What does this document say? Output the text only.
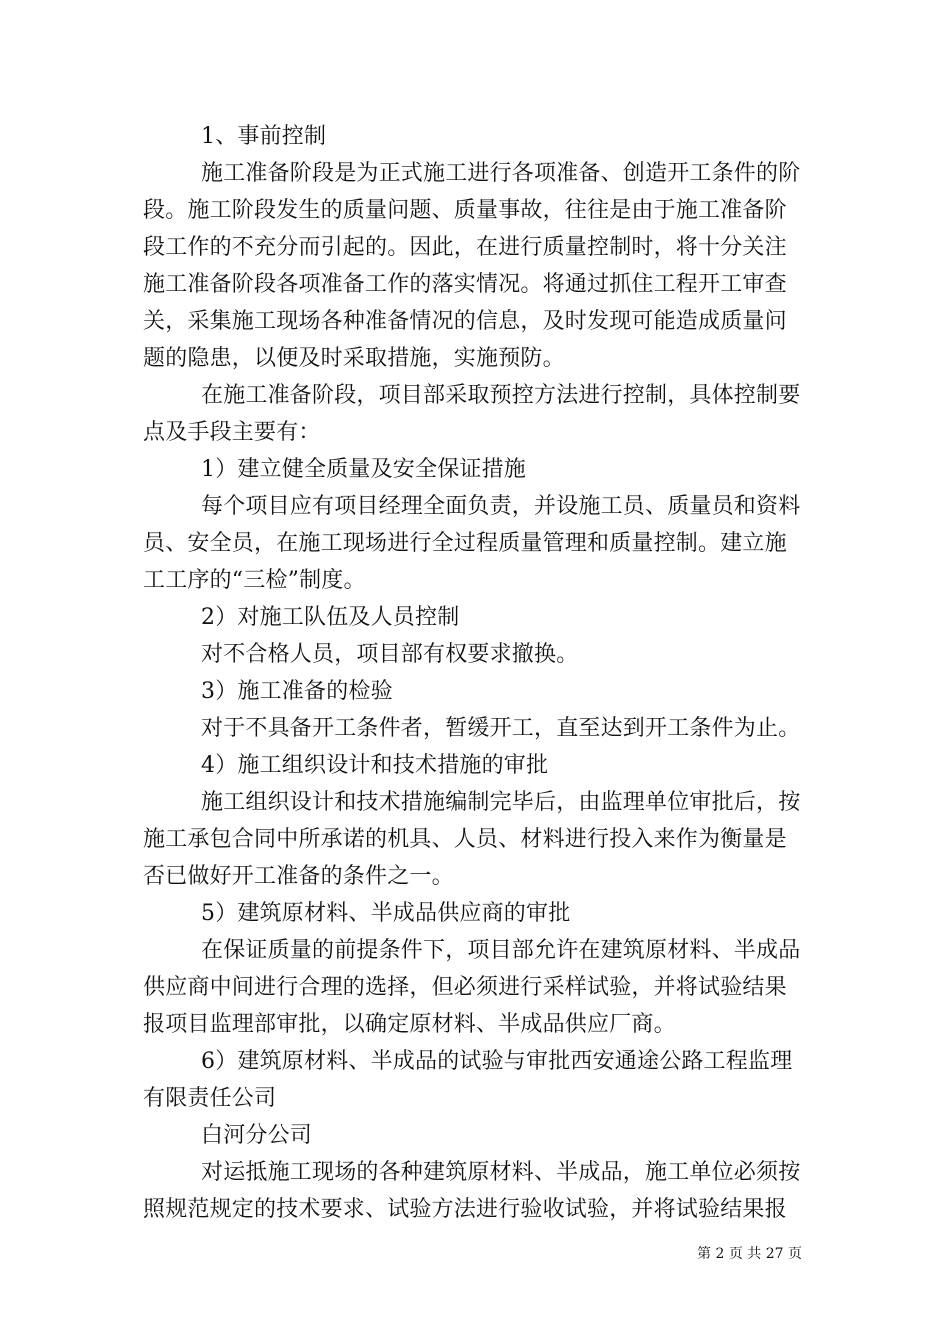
1、事前控制
施工准备阶段是为正式施工进行各项准备、创造开工条件的阶
段。施工阶段发生的质量问题、质量事故，往往是由于施工准备阶
段工作的不充分而引起的。因此，在进行质量控制时，将十分关注
施工准备阶段各项准备工作的落实情况。将通过抓住工程开工审查
关，采集施工现场各种准备情况的信息，及时发现可能造成质量问
题的隐患，以便及时采取措施，实施预防。
在施工准备阶段，项目部采取预控方法进行控制，具体控制要
点及手段主要有：
1）建立健全质量及安全保证措施
每个项目应有项目经理全面负责，并设施工员、质量员和资料
员、安全员，在施工现场进行全过程质量管理和质量控制。建立施
工工序的“三检”制度。
2）对施工队伍及人员控制
对不合格人员，项目部有权要求撤换。
3）施工准备的检验
对于不具备开工条件者，暂缓开工，直至达到开工条件为止。
4）施工组织设计和技术措施的审批
施工组织设计和技术措施编制完毕后，由监理单位审批后，按
施工承包合同中所承诺的机具、人员、材料进行投入来作为衡量是
否已做好开工准备的条件之一。
5）建筑原材料、半成品供应商的审批
在保证质量的前提条件下，项目部允许在建筑原材料、半成品
供应商中间进行合理的选择，但必须进行采样试验，并将试验结果
报项目监理部审批，以确定原材料、半成品供应厂商。
6）建筑原材料、半成品的试验与审批西安通途公路工程监理
有限责任公司
白河分公司
对运抵施工现场的各种建筑原材料、半成品，施工单位必须按
照规范规定的技术要求、试验方法进行验收试验，并将试验结果报
第 2 页 共 27 页
